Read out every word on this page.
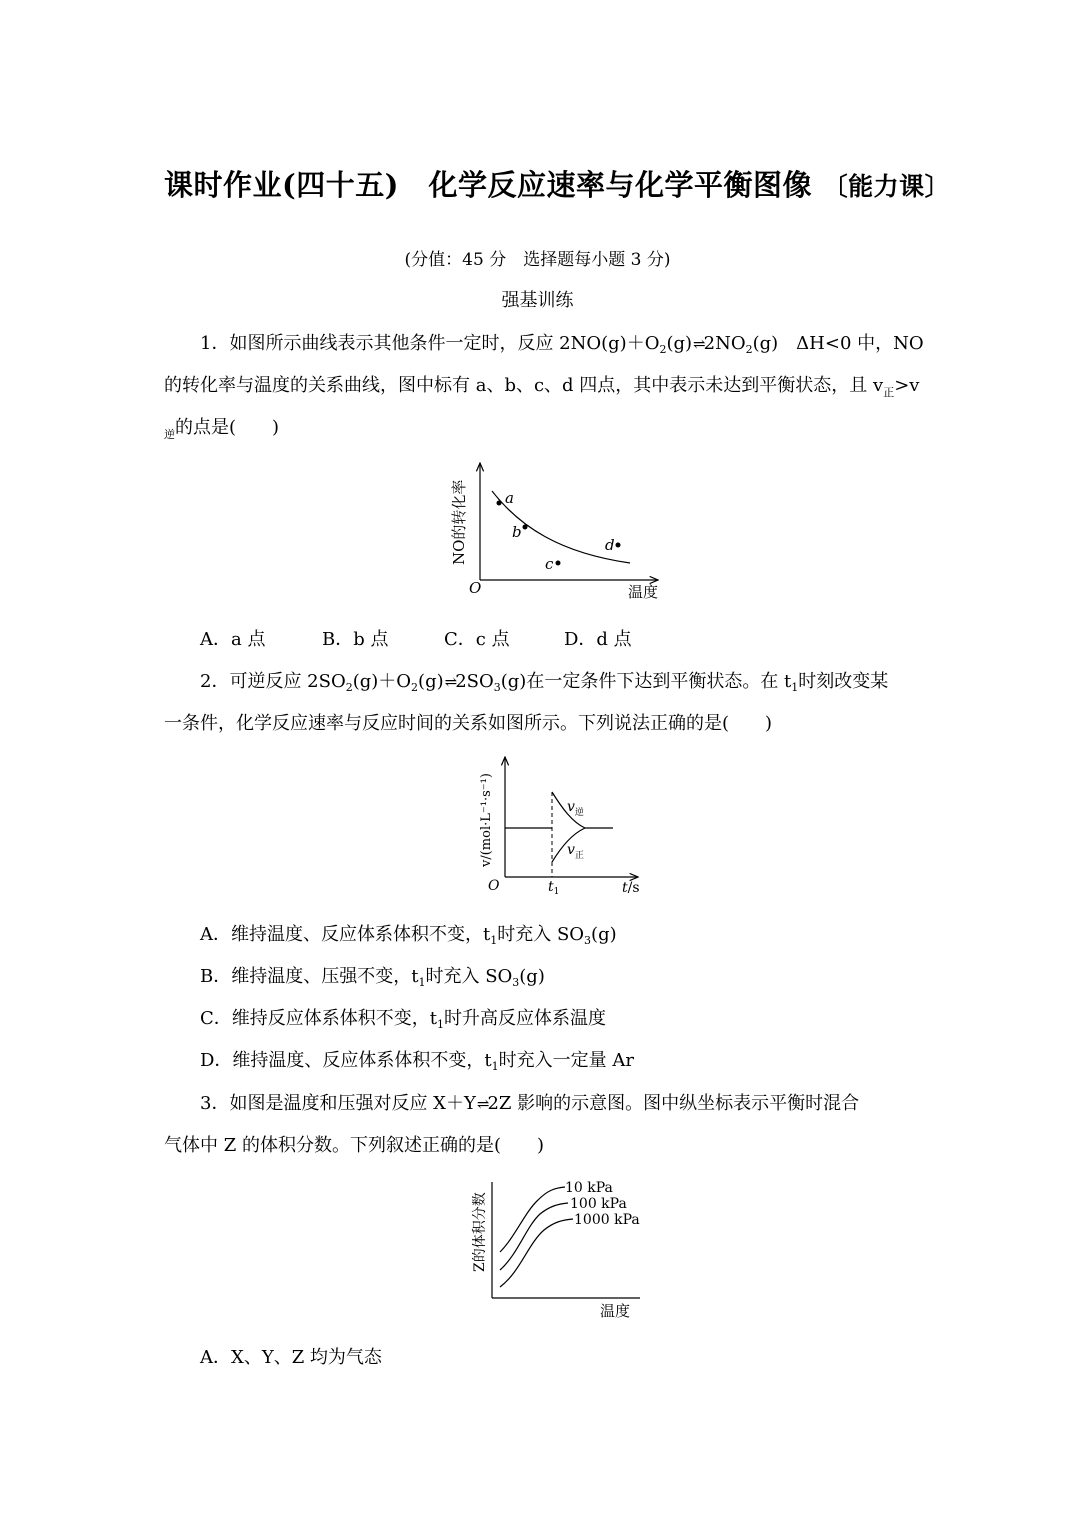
课时作业(四十五)　化学反应速率与化学平衡图像 〔能力课〕
(分值：45 分　选择题每小题 3 分)
强基训练
1．如图所示曲线表示其他条件一定时，反应 $2NO(g)+O_2(g)\rightleftharpoons 2NO_2(g)$　ΔH<0 中，NO
的转化率与温度的关系曲线，图中标有 a、b、c、d 四点，其中表示未达到平衡状态，且 $v_正>v$
$_逆$的点是(　　)
a
b
c
d
O	温度
NO的转化率
A．a 点	B．b 点	C．c 点	D．d 点
2．可逆反应 $2SO_2(g)+O_2(g)\rightleftharpoons 2SO_3(g)$在一定条件下达到平衡状态。在 $t_1$时刻改变某
一条件，化学反应速率与反应时间的关系如图所示。下列说法正确的是(　　)
$v_逆$
$v_正$
O	$t_1$	t/s
v/(mol·L⁻¹·s⁻¹)
A．维持温度、反应体系体积不变，$t_1$时充入 $SO_3(g)$
B．维持温度、压强不变，$t_1$时充入 $SO_3(g)$
C．维持反应体系体积不变，$t_1$时升高反应体系温度
D．维持温度、反应体系体积不变，$t_1$时充入一定量 Ar
3．如图是温度和压强对反应 X＋Y⇌2Z 影响的示意图。图中纵坐标表示平衡时混合
气体中 Z 的体积分数。下列叙述正确的是(　　)
10 kPa
100 kPa
1000 kPa
温度
Z的体积分数
A．X、Y、Z 均为气态
